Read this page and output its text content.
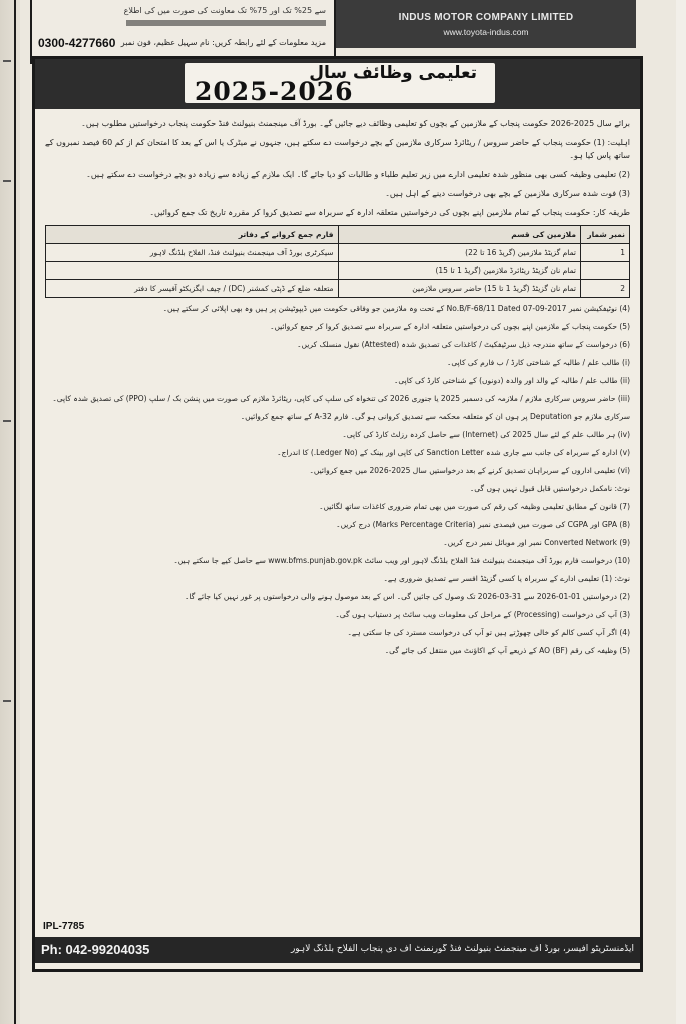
سے 25% تک اور 75% تک معاونت کی صورت میں کی اطلاع
0300-4277660 مزید معلومات کے لئے رابطہ کریں: نام سہیل عظیم، فون نمبر
INDUS MOTOR COMPANY LIMITED
www.toyota-indus.com
تعلیمی وظائف سال
2025-2026

برائے سال 2025-2026 حکومت پنجاب کے ملازمین کے بچوں کو تعلیمی وظائف دیے جائیں گے۔ بورڈ آف مینجمنٹ بنیولنٹ فنڈ حکومت پنجاب درخواستیں مطلوب ہیں۔

اہلیت: (1) حکومت پنجاب کے حاضر سروس / ریٹائرڈ سرکاری ملازمین کے بچے درخواست دے سکتے ہیں، جنہوں نے میٹرک یا اس کے بعد کا امتحان کم از کم 60 فیصد نمبروں کے ساتھ پاس کیا ہو۔

(2) تعلیمی وظیفہ کسی بھی منظور شدہ تعلیمی ادارے میں زیر تعلیم طلباء و طالبات کو دیا جائے گا۔ ایک ملازم کے زیادہ سے زیادہ دو بچے درخواست دے سکتے ہیں۔

(3) فوت شدہ سرکاری ملازمین کے بچے بھی درخواست دینے کے اہل ہیں۔

طریقہ کار: حکومت پنجاب کے تمام ملازمین اپنے بچوں کی درخواستیں متعلقہ ادارہ کے سربراہ سے تصدیق کروا کر مقررہ تاریخ تک جمع کروائیں۔

نمبر شمار	ملازمین کی قسم	فارم جمع کروانے کے دفاتر
1	تمام گزیٹڈ ملازمین (گریڈ 16 تا 22)	سیکرٹری بورڈ آف مینجمنٹ بنیولنٹ فنڈ، الفلاح بلڈنگ لاہور
	تمام نان گزیٹڈ ریٹائرڈ ملازمین (گریڈ 1 تا 15)	
2	تمام نان گزیٹڈ (گریڈ 1 تا 15) حاضر سروس ملازمین	متعلقہ ضلع کے ڈپٹی کمشنر (DC) / چیف ایگزیکٹو آفیسر کا دفتر

(4) نوٹیفکیشن نمبر No.B/F-68/11 Dated 07-09-2017 کے تحت وہ ملازمین جو وفاقی حکومت میں ڈیپوٹیشن پر ہیں وہ بھی اپلائی کر سکتے ہیں۔

(5) حکومت پنجاب کے ملازمین اپنے بچوں کی درخواستیں متعلقہ ادارہ کے سربراہ سے تصدیق کروا کر جمع کروائیں۔

(6) درخواست کے ساتھ مندرجہ ذیل سرٹیفکیٹ / کاغذات کی تصدیق شدہ (Attested) نقول منسلک کریں۔

(i) طالب علم / طالبہ کے شناختی کارڈ / ب فارم کی کاپی۔

(ii) طالب علم / طالبہ کے والد اور والدہ (دونوں) کے شناختی کارڈ کی کاپی۔

(iii) حاضر سروس سرکاری ملازم / ملازمہ کی دسمبر 2025 یا جنوری 2026 کی تنخواہ کی سلپ کی کاپی، ریٹائرڈ ملازم کی صورت میں پنشن بک / سلپ (PPO) کی تصدیق شدہ کاپی۔

سرکاری ملازم جو Deputation پر ہوں ان کو متعلقہ محکمہ سے تصدیق کروانی ہو گی۔ فارم A-32 کے ساتھ جمع کروائیں۔

(iv) ہر طالب علم کے لئے سال 2025 کی (Internet) سے حاصل کردہ رزلٹ کارڈ کی کاپی۔

(v) ادارہ کے سربراہ کی جانب سے جاری شدہ Sanction Letter کی کاپی اور بینک کے (Ledger No.) کا اندراج۔

(vi) تعلیمی اداروں کے سربراہان تصدیق کرنے کے بعد درخواستیں سال 2025-2026 میں جمع کروائیں۔

نوٹ: نامکمل درخواستیں قابل قبول نہیں ہوں گی۔

(7) قانون کے مطابق تعلیمی وظیفہ کی رقم کی صورت میں بھی تمام ضروری کاغذات ساتھ لگائیں۔

(8) GPA اور CGPA کی صورت میں فیصدی نمبر (Marks Percentage Criteria) درج کریں۔

(9) Converted Network نمبر اور موبائل نمبر درج کریں۔

(10) درخواست فارم بورڈ آف مینجمنٹ بنیولنٹ فنڈ الفلاح بلڈنگ لاہور اور ویب سائٹ www.bfms.punjab.gov.pk سے حاصل کیے جا سکتے ہیں۔

نوٹ: (1) تعلیمی ادارے کے سربراہ یا کسی گزیٹڈ افسر سے تصدیق ضروری ہے۔

(2) درخواستیں 01-01-2026 سے 31-03-2026 تک وصول کی جائیں گی۔ اس کے بعد موصول ہونے والی درخواستوں پر غور نہیں کیا جائے گا۔

(3) آپ کی درخواست (Processing) کے مراحل کی معلومات ویب سائٹ پر دستیاب ہوں گی۔

(4) اگر آپ کسی کالم کو خالی چھوڑتے ہیں تو آپ کی درخواست مسترد کی جا سکتی ہے۔

(5) وظیفہ کی رقم (BF) AO کے ذریعے آپ کے اکاؤنٹ میں منتقل کی جائے گی۔

IPL-7785
Ph: 042-99204035	ایڈمنسٹریٹو آفیسر، بورڈ آف مینجمنٹ بنیولنٹ فنڈ گورنمنٹ آف دی پنجاب الفلاح بلڈنگ لاہور
